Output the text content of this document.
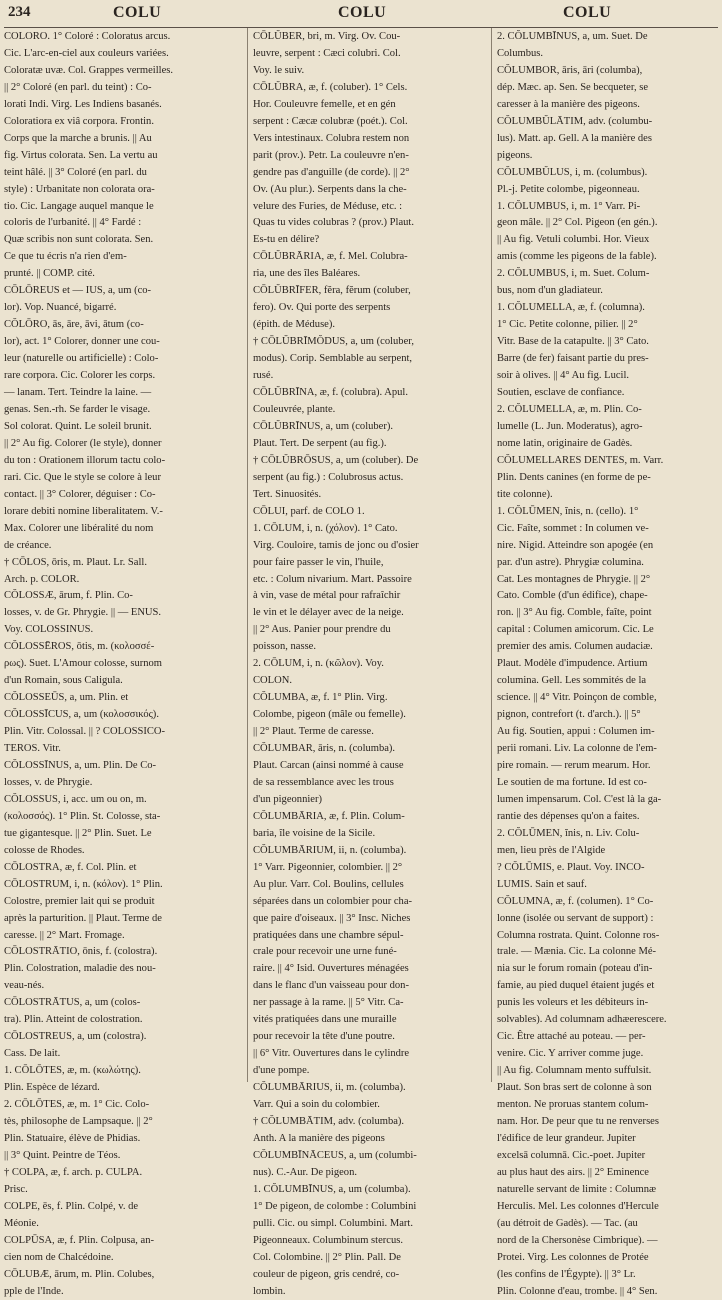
234	COLU	COLU	COLU
COLORO. 1° Coloré : Coloratus arcus.
Cic. L'arc-en-ciel aux couleurs variées.
Coloratæ uvæ. Col. Grappes vermeilles.
|| 2° Coloré (en parl. du teint) : Co-
lorati Indi. Virg. Les Indiens basanés.
Coloratiora ex viâ corpora. Frontin.
Corps que la marche a brunis. || Au
fig. Virtus colorata. Sen. La vertu au
teint hâlé. || 3° Coloré (en parl. du
style) : Urbanitate non colorata ora-
tio. Cic. Langage auquel manque le
coloris de l'urbanité. || 4° Fardé :
Quæ scribis non sunt colorata. Sen.
Ce que tu écris n'a rien d'em-
prunté. || COMP. cité.
CŌLŌREUS et — IUS, a, um (co-
lor). Vop. Nuancé, bigarré.
CŎLŌRO, ās, āre, āvi, ātum (co-
lor), act. 1° Colorer, donner une cou-
leur (naturelle ou artificielle) : Colo-
rare corpora. Cic. Colorer les corps.
— lanam. Tert. Teindre la laine. —
genas. Sen.-rh. Se farder le visage.
Sol colorat. Quint. Le soleil brunit.
|| 2° Au fig. Colorer (le style), donner
du ton : Orationem illorum tactu colo-
rari. Cic. Que le style se colore à leur
contact. || 3° Colorer, déguiser : Co-
lorare debiti nomine liberalitatem. V.-
Max. Colorer une libéralité du nom
de créance.
† CŌLOS, ōris, m. Plaut. Lr. Sall.
Arch. p. COLOR.
CŎLOSSÆ, ārum, f. Plin. Co-
losses, v. de Gr. Phrygie. || — ENUS.
Voy. COLOSSINUS.
CŎLOSSĒROS, ōtis, m. (κολοσσέ-
ρως). Suet. L'Amour colosse, surnom
d'un Romain, sous Caligula.
CŎLOSSEŪS, a, um. Plin. et
CŎLOSSĪCUS, a, um (κολοσσικός).
Plin. Vitr. Colossal. || ? COLOSSICO-
TEROS. Vitr.
CŎLOSSĪNUS, a, um. Plin. De Co-
losses, v. de Phrygie.
CŎLOSSUS, i, acc. um ou on, m.
(κολοσσός). 1° Plin. St. Colosse, sta-
tue gigantesque. || 2° Plin. Suet. Le
colosse de Rhodes.
CŌLOSTRA, æ, f. Col. Plin. et
CŌLOSTRUM, i, n. (κόλον). 1° Plin.
Colostre, premier lait qui se produit
après la parturition. || Plaut. Terme de
caresse. || 2° Mart. Fromage.
CŌLOSTRĀTIO, ōnis, f. (colostra).
Plin. Colostration, maladie des nou-
veau-nés.
CŌLOSTRĀTUS, a, um (colos-
tra). Plin. Atteint de colostration.
CŌLOSTREUS, a, um (colostra).
Cass. De lait.
1. CŌLŌTES, æ, m. (κωλώτης).
Plin. Espèce de lézard.
2. CŌLŌTES, æ, m. 1° Cic. Colo-
tès, philosophe de Lampsaque. || 2°
Plin. Statuaire, élève de Phidias.
|| 3° Quint. Peintre de Téos.
† COLPA, æ, f. arch. p. CULPA.
Prisc.
COLPE, ēs, f. Plin. Colpé, v. de
Méonie.
COLPŪSA, æ, f. Plin. Colpusa, an-
cien nom de Chalcédoine.
CŌLUBÆ, ārum, m. Plin. Colubes,
pple de l'Inde.
CŌLŬBER, bri, m. Virg. Ov. Cou-
leuvre, serpent : Cæci colubri. Col.
Voy. le suiv.
CŌLŬBRA, æ, f. (coluber). 1° Cels.
Hor. Couleuvre femelle, et en gén
serpent : Cæcæ colubræ (poét.). Col.
Vers intestinaux. Colubra restem non
parit (prov.). Petr. La couleuvre n'en-
gendre pas d'anguille (de corde). || 2°
Ov. (Au plur.). Serpents dans la che-
velure des Furies, de Méduse, etc. :
Quas tu vides colubras ? (prov.) Plaut.
Es-tu en délire?
CŌLŬBRĀRIA, æ, f. Mel. Colubra-
ria, une des îles Baléares.
CŌLŬBRĪFER, fĕra, fĕrum (coluber,
fero). Ov. Qui porte des serpents
(épith. de Méduse).
† CŌLŬBRĪMŎDUS, a, um (coluber,
modus). Corip. Semblable au serpent,
rusé.
CŌLŬBRĪNA, æ, f. (colubra). Apul.
Couleuvrée, plante.
CŌLŬBRĪNUS, a, um (coluber).
Plaut. Tert. De serpent (au fig.).
† CŌLŬBRŌSUS, a, um (coluber). De
serpent (au fig.) : Colubrosus actus.
Tert. Sinuosités.
CŌLUI, parf. de COLO 1.
1. CŌLUM, i, n. (χόλον). 1° Cato.
Virg. Couloire, tamis de jonc ou d'osier
pour faire passer le vin, l'huile,
etc. : Colum nivarium. Mart. Passoire
à vin, vase de métal pour rafraîchir
le vin et le délayer avec de la neige.
|| 2° Aus. Panier pour prendre du
poisson, nasse.
2. CŌLUM, i, n. (κῶλον). Voy.
COLON.
CŎLUMBA, æ, f. 1° Plin. Virg.
Colombe, pigeon (mâle ou femelle).
|| 2° Plaut. Terme de caresse.
CŎLUMBAR, āris, n. (columba).
Plaut. Carcan (ainsi nommé à cause
de sa ressemblance avec les trous
d'un pigeonnier)
CŎLUMBĀRIA, æ, f. Plin. Colum-
baria, île voisine de la Sicile.
CŎLUMBĀRIUM, ii, n. (columba).
1° Varr. Pigeonnier, colombier. || 2°
Au plur. Varr. Col. Boulins, cellules
séparées dans un colombier pour cha-
que paire d'oiseaux. || 3° Insc. Niches
pratiquées dans une chambre sépul-
crale pour recevoir une urne funé-
raire. || 4° Isid. Ouvertures ménagées
dans le flanc d'un vaisseau pour don-
ner passage à la rame. || 5° Vitr. Ca-
vités pratiquées dans une muraille
pour recevoir la tête d'une poutre.
|| 6° Vitr. Ouvertures dans le cylindre
d'une pompe.
CŎLUMBĀRIUS, ii, m. (columba).
Varr. Qui a soin du colombier.
† CŎLUMBĀTIM, adv. (columba).
Anth. A la manière des pigeons
CŎLUMBĪNĀCEUS, a, um (columbi-
nus). C.-Aur. De pigeon.
1. CŎLUMBĪNUS, a, um (columba).
1° De pigeon, de colombe : Columbini
pulli. Cic. ou simpl. Columbini. Mart.
Pigeonneaux. Columbinum stercus.
Col. Colombine. || 2° Plin. Pall. De
couleur de pigeon, gris cendré, co-
lombin.
2. CŎLUMBĪNUS, a, um. Suet. De
Columbus.
CŎLUMBOR, āris, āri (columba),
dép. Mæc. ap. Sen. Se becqueter, se
caresser à la manière des pigeons.
CŎLUMBŬLĀTIM, adv. (columbu-
lus). Matt. ap. Gell. A la manière des
pigeons.
CŎLUMBŬLUS, i, m. (columbus).
Pl.-j. Petite colombe, pigeonneau.
1. CŎLUMBUS, i, m. 1° Varr. Pi-
geon mâle. || 2° Col. Pigeon (en gén.).
|| Au fig. Vetuli columbi. Hor. Vieux
amis (comme les pigeons de la fable).
2. CŎLUMBUS, i, m. Suet. Colum-
bus, nom d'un gladiateur.
1. CŎLUMELLA, æ, f. (columna).
1° Cic. Petite colonne, pilier. || 2°
Vitr. Base de la catapulte. || 3° Cato.
Barre (de fer) faisant partie du pres-
soir à olives. || 4° Au fig. Lucil.
Soutien, esclave de confiance.
2. CŎLUMELLA, æ, m. Plin. Co-
lumelle (L. Jun. Moderatus), agro-
nome latin, originaire de Gadès.
CŎLUMELLARES DENTES, m. Varr.
Plin. Dents canines (en forme de pe-
tite colonne).
1. CŎLŪMEN, ĭnis, n. (cello). 1°
Cic. Faîte, sommet : In columen ve-
nire. Nigid. Atteindre son apogée (en
par. d'un astre). Phrygiæ columina.
Cat. Les montagnes de Phrygie. || 2°
Cato. Comble (d'un édifice), chape-
ron. || 3° Au fig. Comble, faîte, point
capital : Columen amicorum. Cic. Le
premier des amis. Columen audaciæ.
Plaut. Modèle d'impudence. Artium
columina. Gell. Les sommités de la
science. || 4° Vitr. Poinçon de comble,
pignon, contrefort (t. d'arch.). || 5°
Au fig. Soutien, appui : Columen im-
perii romani. Liv. La colonne de l'em-
pire romain. — rerum mearum. Hor.
Le soutien de ma fortune. Id est co-
lumen impensarum. Col. C'est là la ga-
rantie des dépenses qu'on a faites.
2. CŎLŪMEN, ĭnis, n. Liv. Colu-
men, lieu près de l'Algide
? CŎLŪMIS, e. Plaut. Voy. INCO-
LUMIS. Sain et sauf.
CŎLUMNA, æ, f. (columen). 1° Co-
lonne (isolée ou servant de support) :
Columna rostrata. Quint. Colonne ros-
trale. — Mænia. Cic. La colonne Mé-
nia sur le forum romain (poteau d'in-
famie, au pied duquel étaient jugés et
punis les voleurs et les débiteurs in-
solvables). Ad columnam adhæerescere.
Cic. Être attaché au poteau. — per-
venire. Cic. Y arriver comme juge.
|| Au fig. Columnam mento suffulsit.
Plaut. Son bras sert de colonne à son
menton. Ne proruas stantem colum-
nam. Hor. De peur que tu ne renverses
l'édifice de leur grandeur. Jupiter
excelsā columnā. Cic.-poet. Jupiter
au plus haut des airs. || 2° Eminence
naturelle servant de limite : Columnæ
Herculis. Mel. Les colonnes d'Hercule
(au détroit de Gadès). — Tac. (au
nord de la Chersonèse Cimbrique). —
Protei. Virg. Les colonnes de Protée
(les confins de l'Égypte). || 3° Lr.
Plin. Colonne d'eau, trombe. || 4° Sen.
